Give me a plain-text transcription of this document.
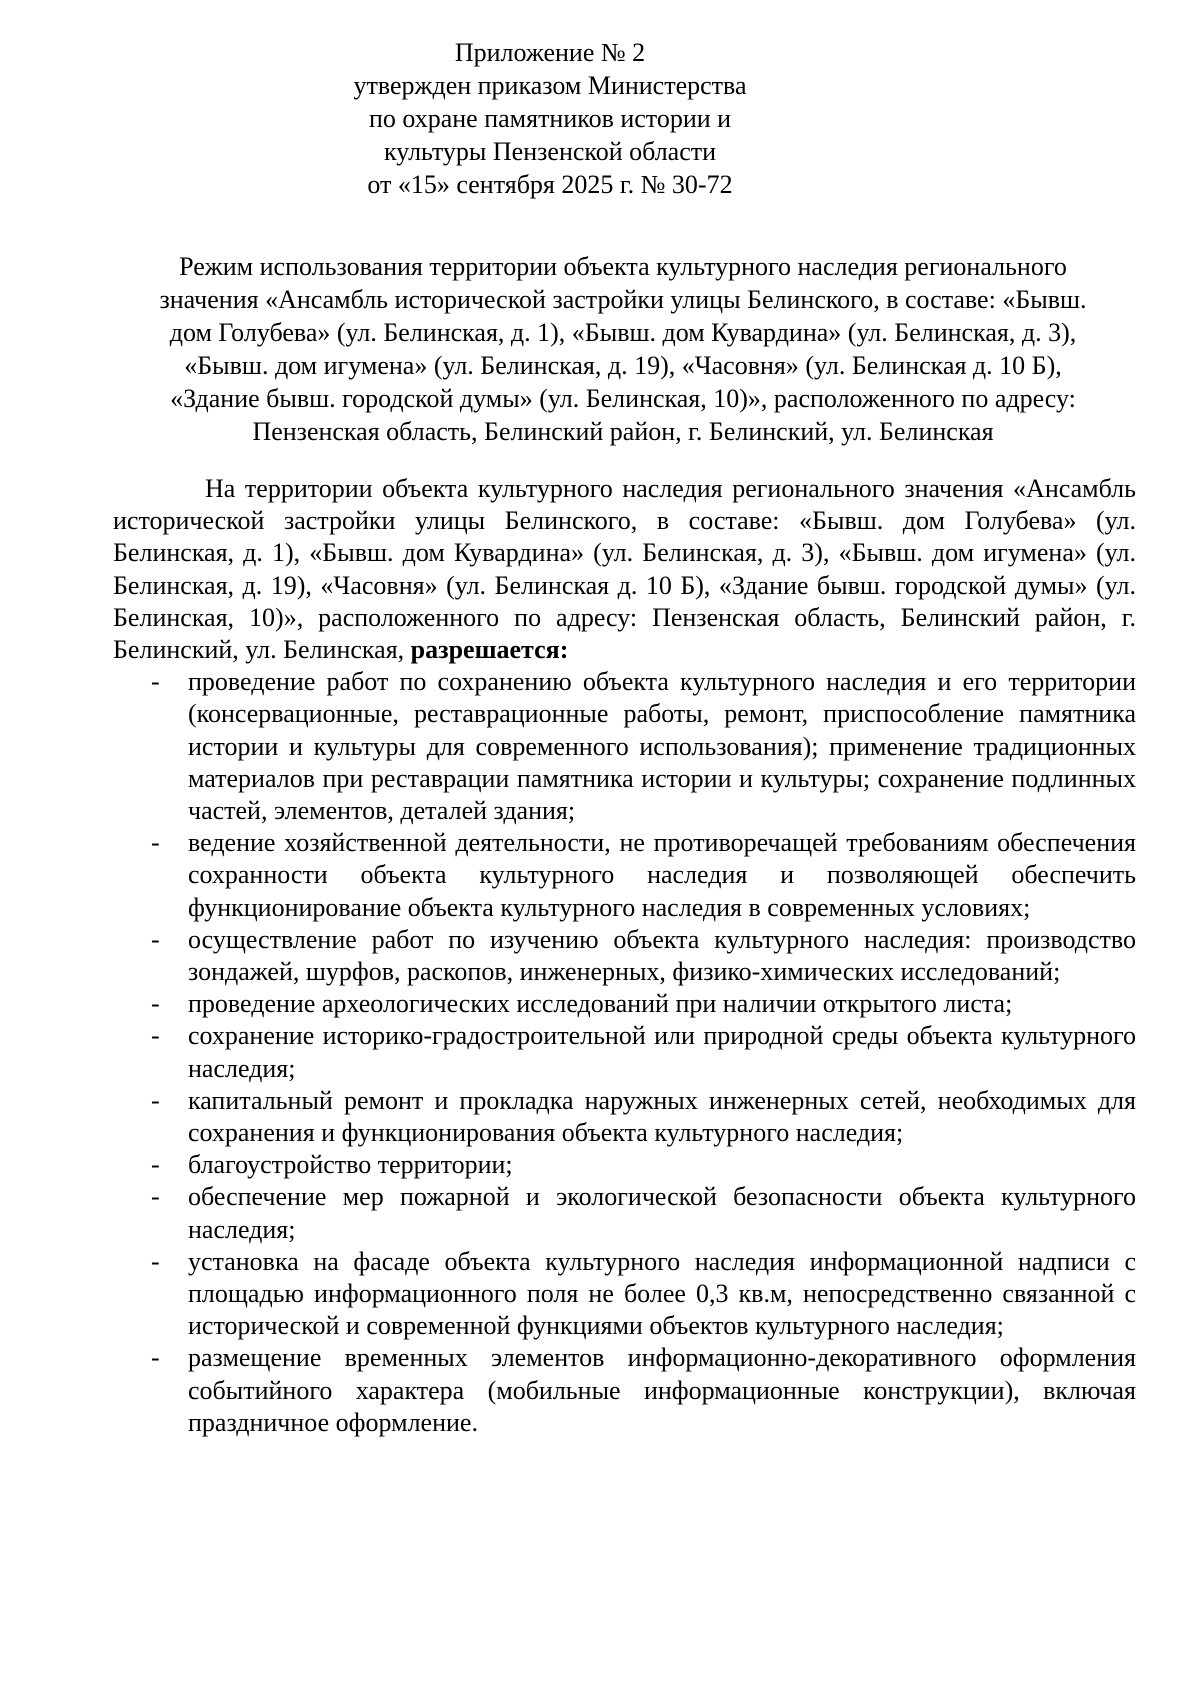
Приложение № 2
утвержден приказом Министерства
по охране памятников истории и
культуры Пензенской области
от «15» сентября 2025 г. № 30-72
Режим использования территории объекта культурного наследия регионального
значения «Ансамбль исторической застройки улицы Белинского, в составе: «Бывш.
дом Голубева» (ул. Белинская, д. 1), «Бывш. дом Кувардина» (ул. Белинская, д. 3),
«Бывш. дом игумена» (ул. Белинская, д. 19), «Часовня» (ул. Белинская д. 10 Б),
«Здание бывш. городской думы» (ул. Белинская, 10)», расположенного по адресу:
Пензенская область, Белинский район, г. Белинский, ул. Белинская

На территории объекта культурного наследия регионального значения «Ансамбль исторической застройки улицы Белинского, в составе: «Бывш. дом Голубева» (ул. Белинская, д. 1), «Бывш. дом Кувардина» (ул. Белинская, д. 3), «Бывш. дом игумена» (ул. Белинская, д. 19), «Часовня» (ул. Белинская д. 10 Б), «Здание бывш. городской думы» (ул. Белинская, 10)», расположенного по адресу: Пензенская область, Белинский район, г. Белинский, ул. Белинская, разрешается:

- проведение работ по сохранению объекта культурного наследия и его территории (консервационные, реставрационные работы, ремонт, приспособление памятника истории и культуры для современного использования); применение традиционных материалов при реставрации памятника истории и культуры; сохранение подлинных частей, элементов, деталей здания;
- ведение хозяйственной деятельности, не противоречащей требованиям обеспечения сохранности объекта культурного наследия и позволяющей обеспечить функционирование объекта культурного наследия в современных условиях;
- осуществление работ по изучению объекта культурного наследия: производство зондажей, шурфов, раскопов, инженерных, физико-химических исследований;
- проведение археологических исследований при наличии открытого листа;
- сохранение историко-градостроительной или природной среды объекта культурного наследия;
- капитальный ремонт и прокладка наружных инженерных сетей, необходимых для сохранения и функционирования объекта культурного наследия;
- благоустройство территории;
- обеспечение мер пожарной и экологической безопасности объекта культурного наследия;
- установка на фасаде объекта культурного наследия информационной надписи с площадью информационного поля не более 0,3 кв.м, непосредственно связанной с исторической и современной функциями объектов культурного наследия;
- размещение временных элементов информационно-декоративного оформления событийного характера (мобильные информационные конструкции), включая праздничное оформление.
